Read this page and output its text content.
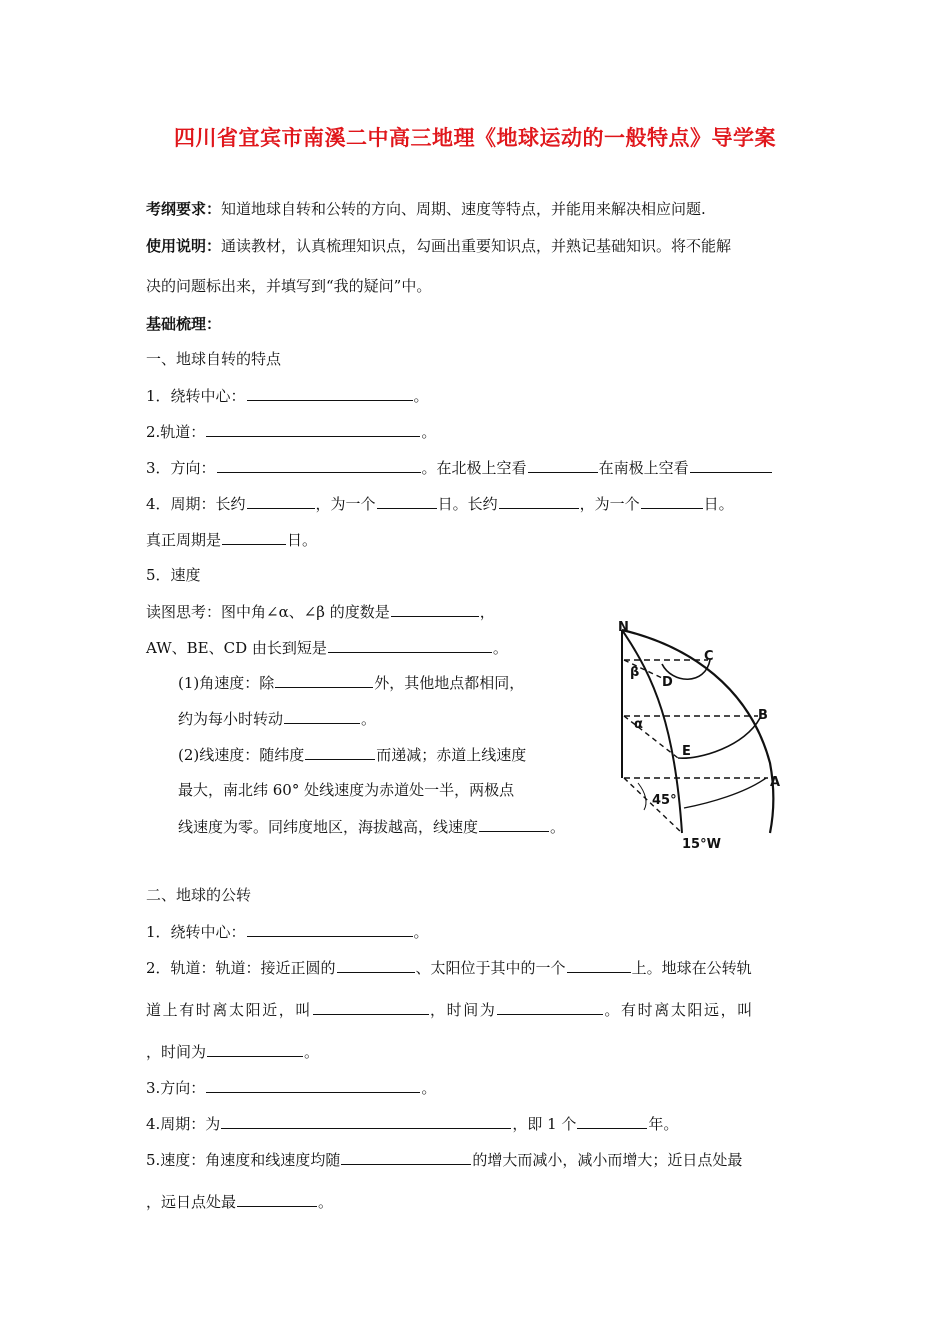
四川省宜宾市南溪二中高三地理《地球运动的一般特点》导学案
考纲要求：知道地球自转和公转的方向、周期、速度等特点，并能用来解决相应问题.
使用说明：通读教材，认真梳理知识点，勾画出重要知识点，并熟记基础知识。将不能解
决的问题标出来，并填写到“我的疑问”中。
基础梳理：
一、地球自转的特点
1．绕转中心：	。
2.轨道：	。
3．方向：	。在北极上空看	在南极上空看
4．周期：长约	，为一个	日。长约	，为一个	日。
真正周期是	日。
5．速度
读图思考：图中角∠α、∠β 的度数是	，
AW、BE、CD 由长到短是	。
(1)角速度：除	外，其他地点都相同，
约为每小时转动	。
(2)线速度：随纬度	而递减；赤道上线速度
最大，南北纬 60° 处线速度为赤道处一半，两极点
线速度为零。同纬度地区，海拔越高，线速度	。
N
C
D
B
E
A
β
α
45°
15°W
二、地球的公转
1．绕转中心：	。
2．轨道：轨道：接近正圆的	、太阳位于其中的一个	上。地球在公转轨
道上有时离太阳近，叫	，时间为	。有时离太阳远，叫
，时间为	。
3.方向：	。
4.周期：为	，即 1 个	年。
5.速度：角速度和线速度均随	的增大而减小，减小而增大；近日点处最
，远日点处最	。
